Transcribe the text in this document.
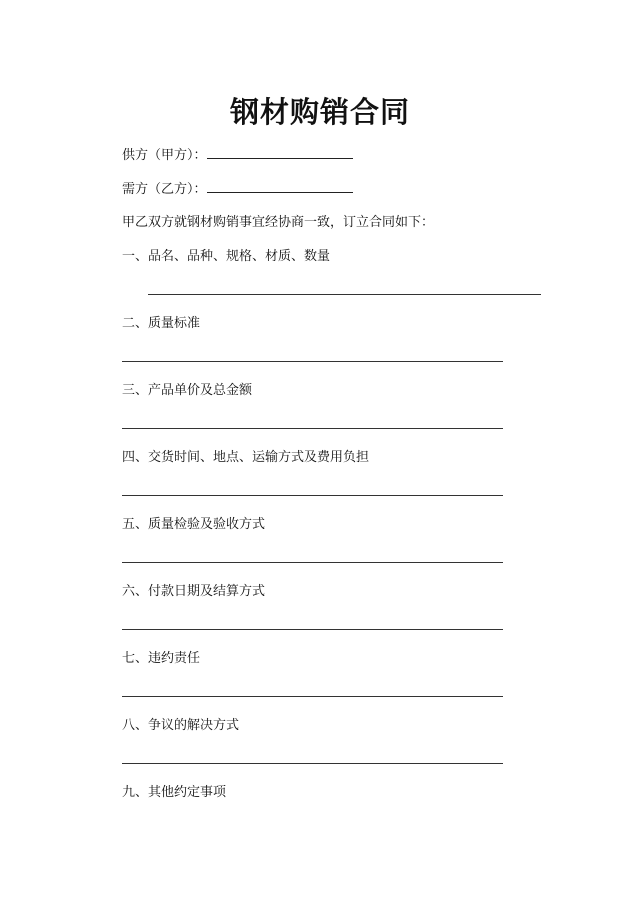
钢材购销合同
供方（甲方）：
需方（乙方）：
甲乙双方就钢材购销事宜经协商一致，订立合同如下：
一、品名、品种、规格、材质、数量
二、质量标准
三、产品单价及总金额
四、交货时间、地点、运输方式及费用负担
五、质量检验及验收方式
六、付款日期及结算方式
七、违约责任
八、争议的解决方式
九、其他约定事项
